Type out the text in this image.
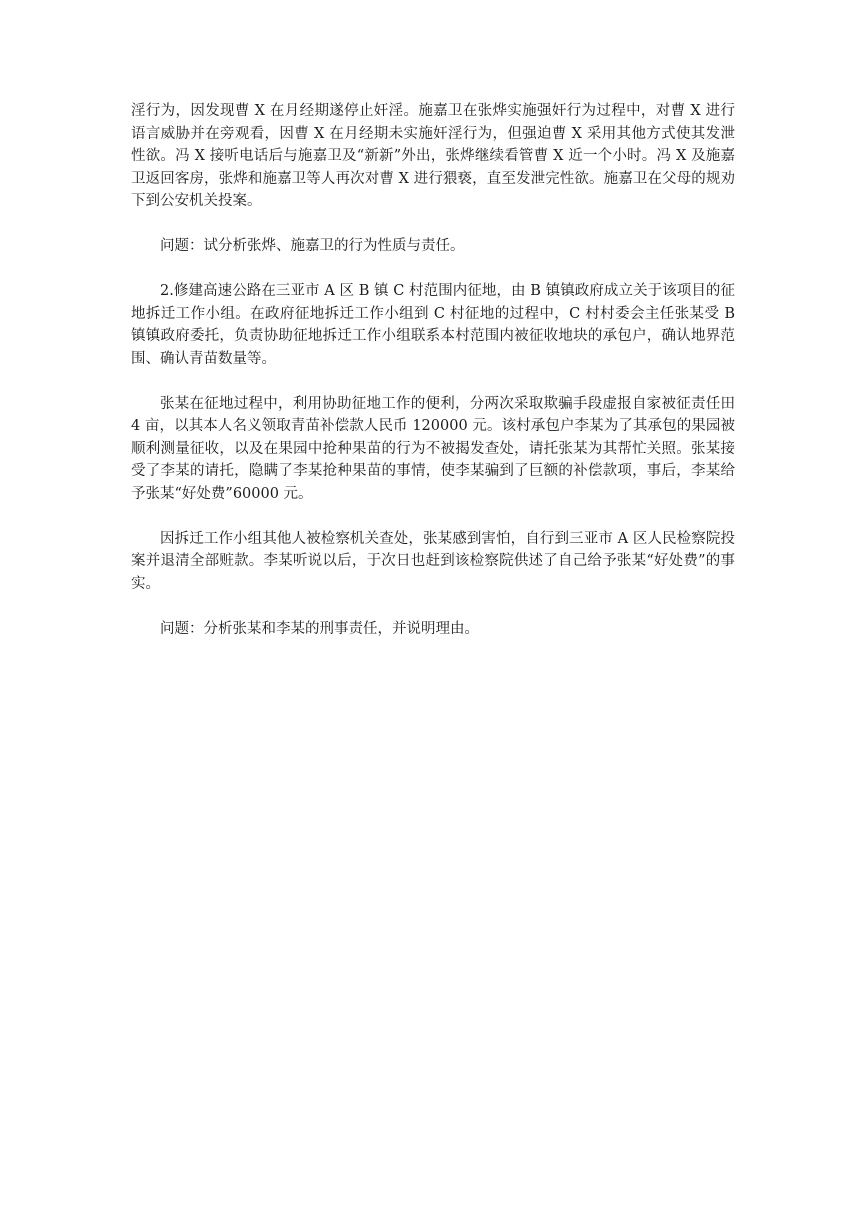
淫行为，因发现曹 X 在月经期遂停止奸淫。施嘉卫在张烨实施强奸行为过程中，对曹 X 进行语言威胁并在旁观看，因曹 X 在月经期未实施奸淫行为，但强迫曹 X 采用其他方式使其发泄性欲。冯 X 接听电话后与施嘉卫及“新新”外出，张烨继续看管曹 X 近一个小时。冯 X 及施嘉卫返回客房，张烨和施嘉卫等人再次对曹 X 进行猥亵，直至发泄完性欲。施嘉卫在父母的规劝下到公安机关投案。

问题：试分析张烨、施嘉卫的行为性质与责任。

2.修建高速公路在三亚市 A 区 B 镇 C 村范围内征地，由 B 镇镇政府成立关于该项目的征地拆迁工作小组。在政府征地拆迁工作小组到 C 村征地的过程中，C 村村委会主任张某受 B 镇镇政府委托，负责协助征地拆迁工作小组联系本村范围内被征收地块的承包户，确认地界范围、确认青苗数量等。

张某在征地过程中，利用协助征地工作的便利，分两次采取欺骗手段虚报自家被征责任田 4 亩，以其本人名义领取青苗补偿款人民币 120000 元。该村承包户李某为了其承包的果园被顺利测量征收，以及在果园中抢种果苗的行为不被揭发查处，请托张某为其帮忙关照。张某接受了李某的请托，隐瞒了李某抢种果苗的事情，使李某骗到了巨额的补偿款项，事后，李某给予张某“好处费”60000 元。

因拆迁工作小组其他人被检察机关查处，张某感到害怕，自行到三亚市 A 区人民检察院投案并退清全部赃款。李某听说以后，于次日也赶到该检察院供述了自己给予张某“好处费”的事实。

问题：分析张某和李某的刑事责任，并说明理由。
